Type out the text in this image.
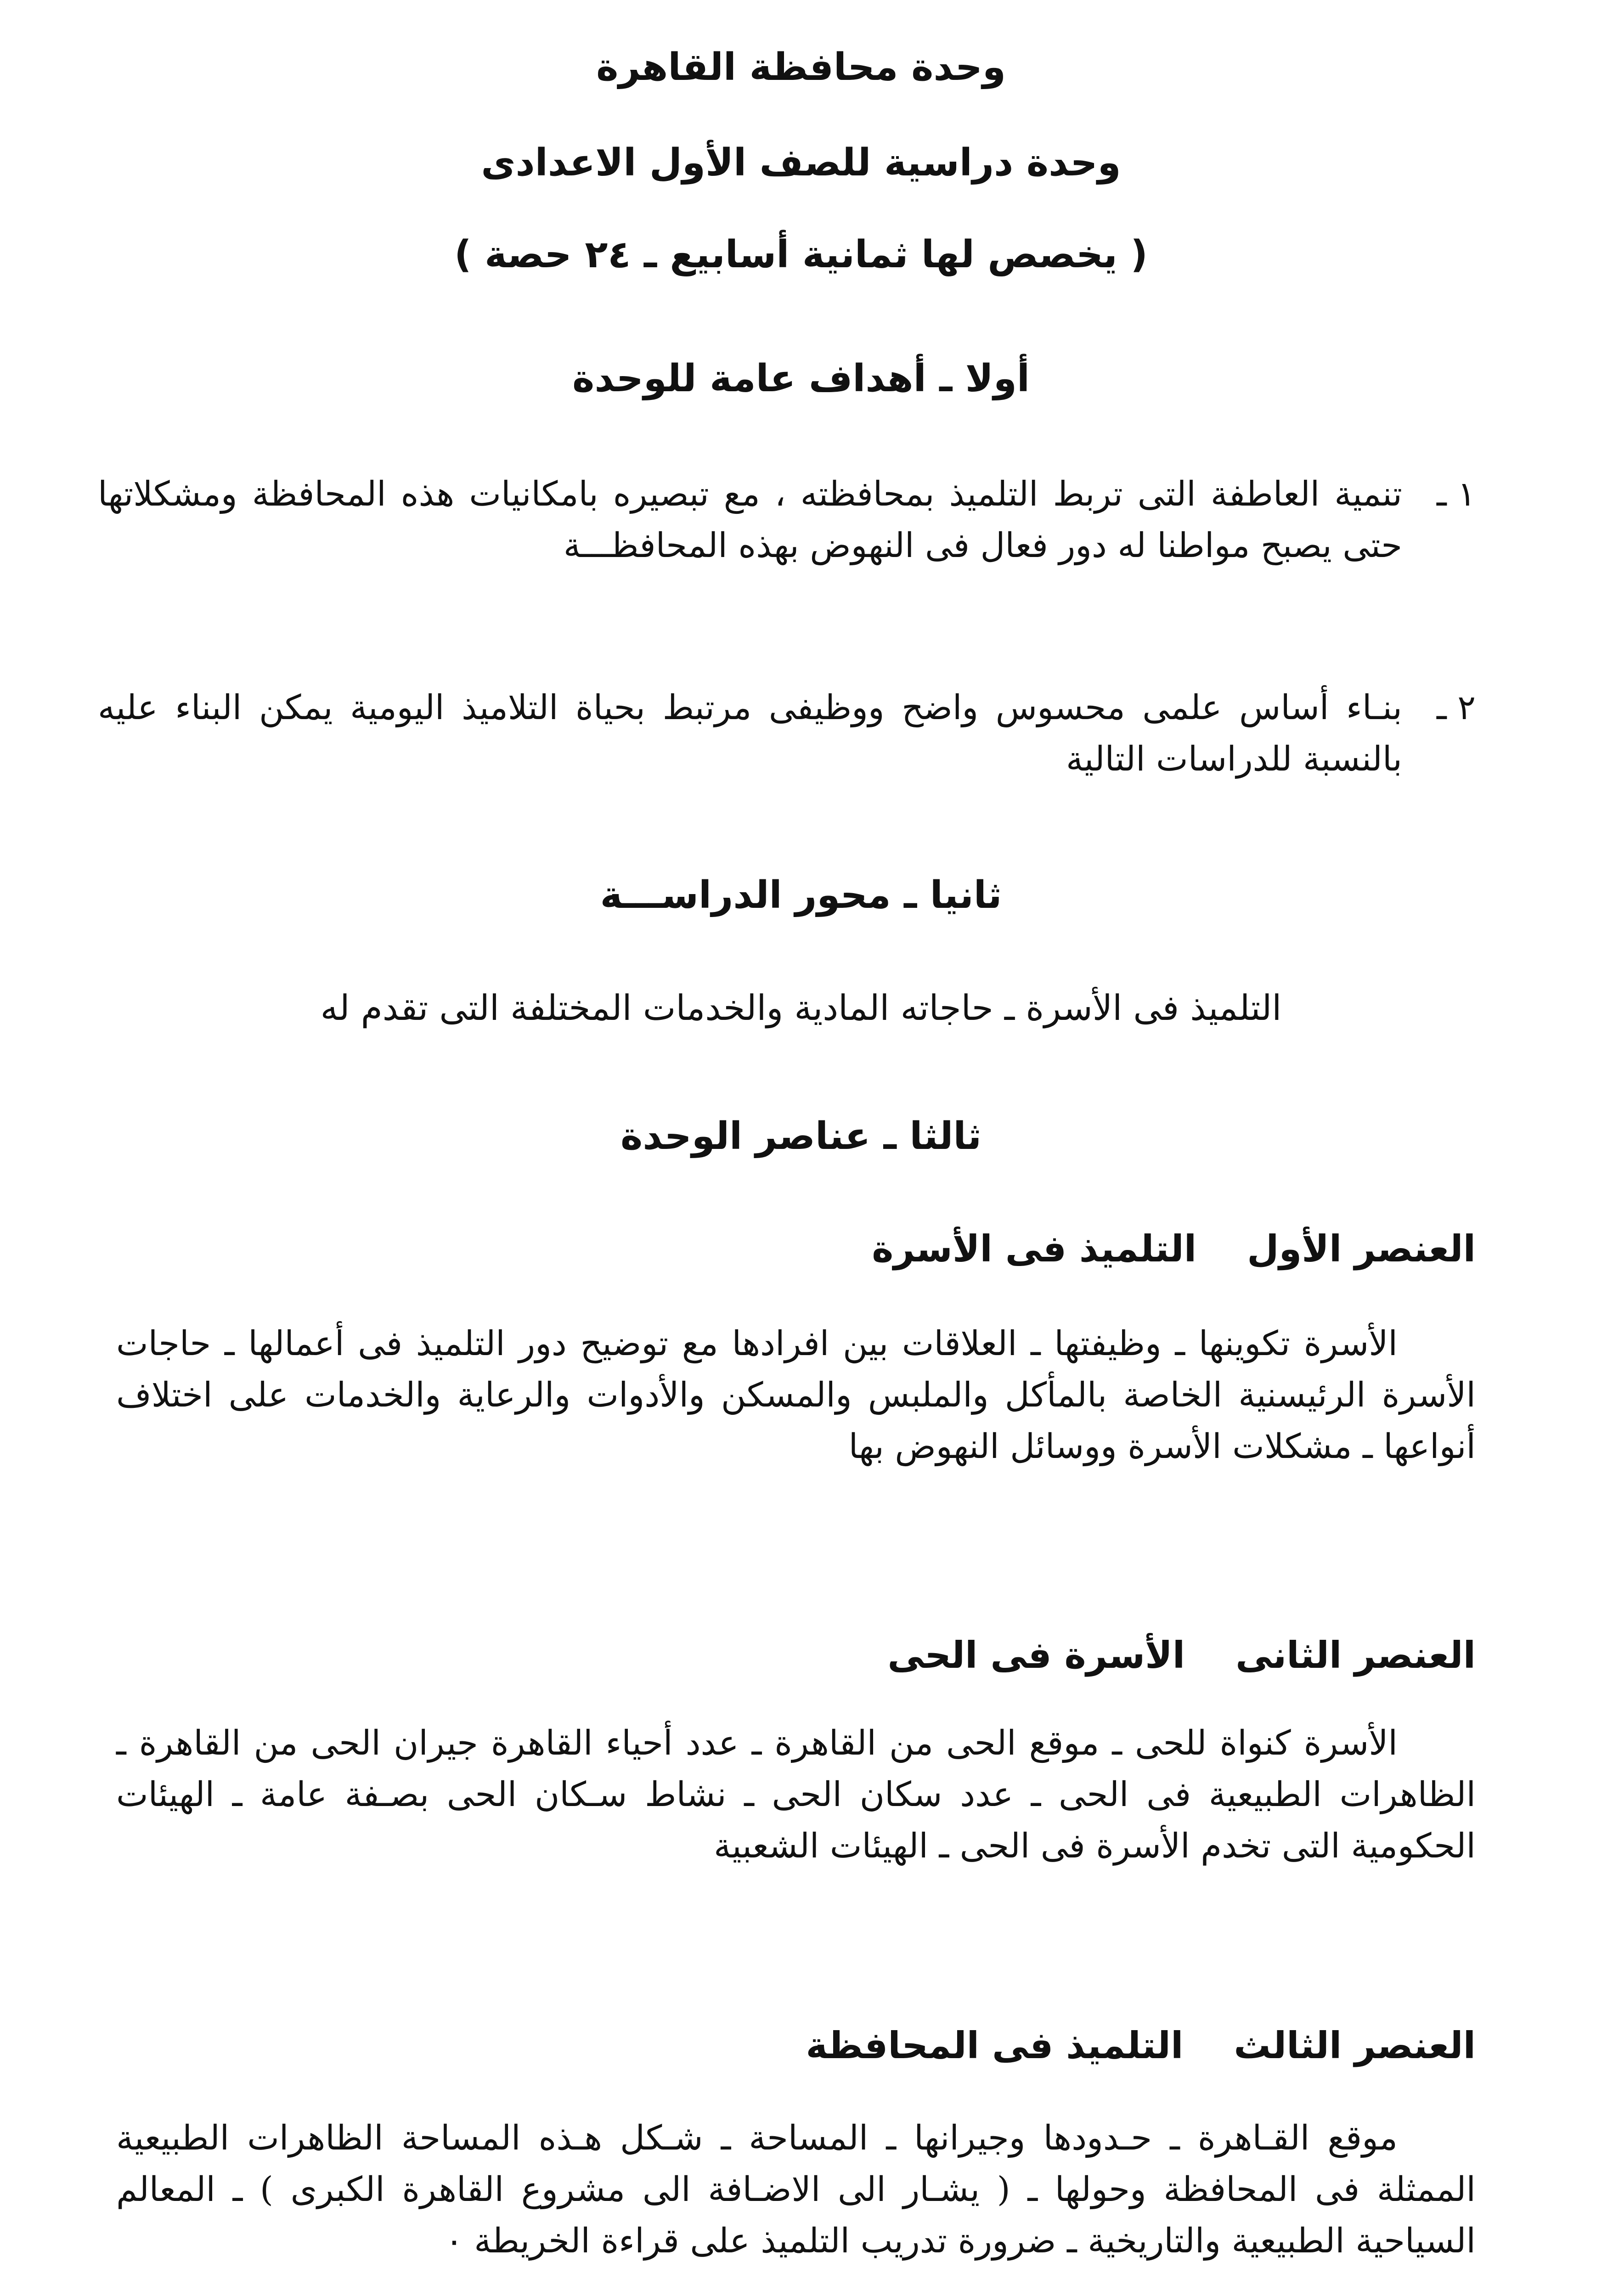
وحدة محافظة القاهرة
وحدة دراسية للصف الأول الاعدادى
( يخصص لها ثمانية أسابيع ـ ٢٤ حصة )
أولا ـ أهداف عامة للوحدة
١ ـ
تنمية العاطفة التى تربط التلميذ بمحافظته ، مع تبصيره بامكانيات هذه المحافظة ومشكلاتها حتى يصبح مواطنا له دور فعال فى النهوض بهذه المحافظـــة
٢ ـ
بنـاء أساس علمى محسوس واضح ووظيفى مرتبط بحياة التلاميذ اليومية يمكن البناء عليه بالنسبة للدراسات التالية
ثانيا ـ محور الدراســـة
التلميذ فى الأسرة ـ حاجاته المادية والخدمات المختلفة التى تقدم له
ثالثا ـ عناصر الوحدة
العنصر الأولالتلميذ فى الأسرة
الأسرة تكوينها ـ وظيفتها ـ العلاقات بين افرادها مع توضيح دور التلميذ فى أعمالها ـ حاجات الأسرة الرئيسنية الخاصة بالمأكل والملبس والمسكن والأدوات والرعاية والخدمات على اختلاف أنواعها ـ مشكلات الأسرة ووسائل النهوض بها
العنصر الثانىالأسرة فى الحى
الأسرة كنواة للحى ـ موقع الحى من القاهرة ـ عدد أحياء القاهرة جيران الحى من القاهرة ـ الظاهرات الطبيعية فى الحى ـ عدد سكان الحى ـ نشاط سـكان الحى بصـفة عامة ـ الهيئات الحكومية التى تخدم الأسرة فى الحى ـ الهيئات الشعبية
العنصر الثالثالتلميذ فى المحافظة
موقع القـاهرة ـ حـدودها وجيرانها ـ المساحة ـ شـكل هـذه المساحة الظاهرات الطبيعية الممثلة فى المحافظة وحولها ـ ( يشـار الى الاضـافة الى مشروع القاهرة الكبرى ) ـ المعالم السياحية الطبيعية والتاريخية ـ ضرورة تدريب التلميذ على قراءة الخريطة ٠
